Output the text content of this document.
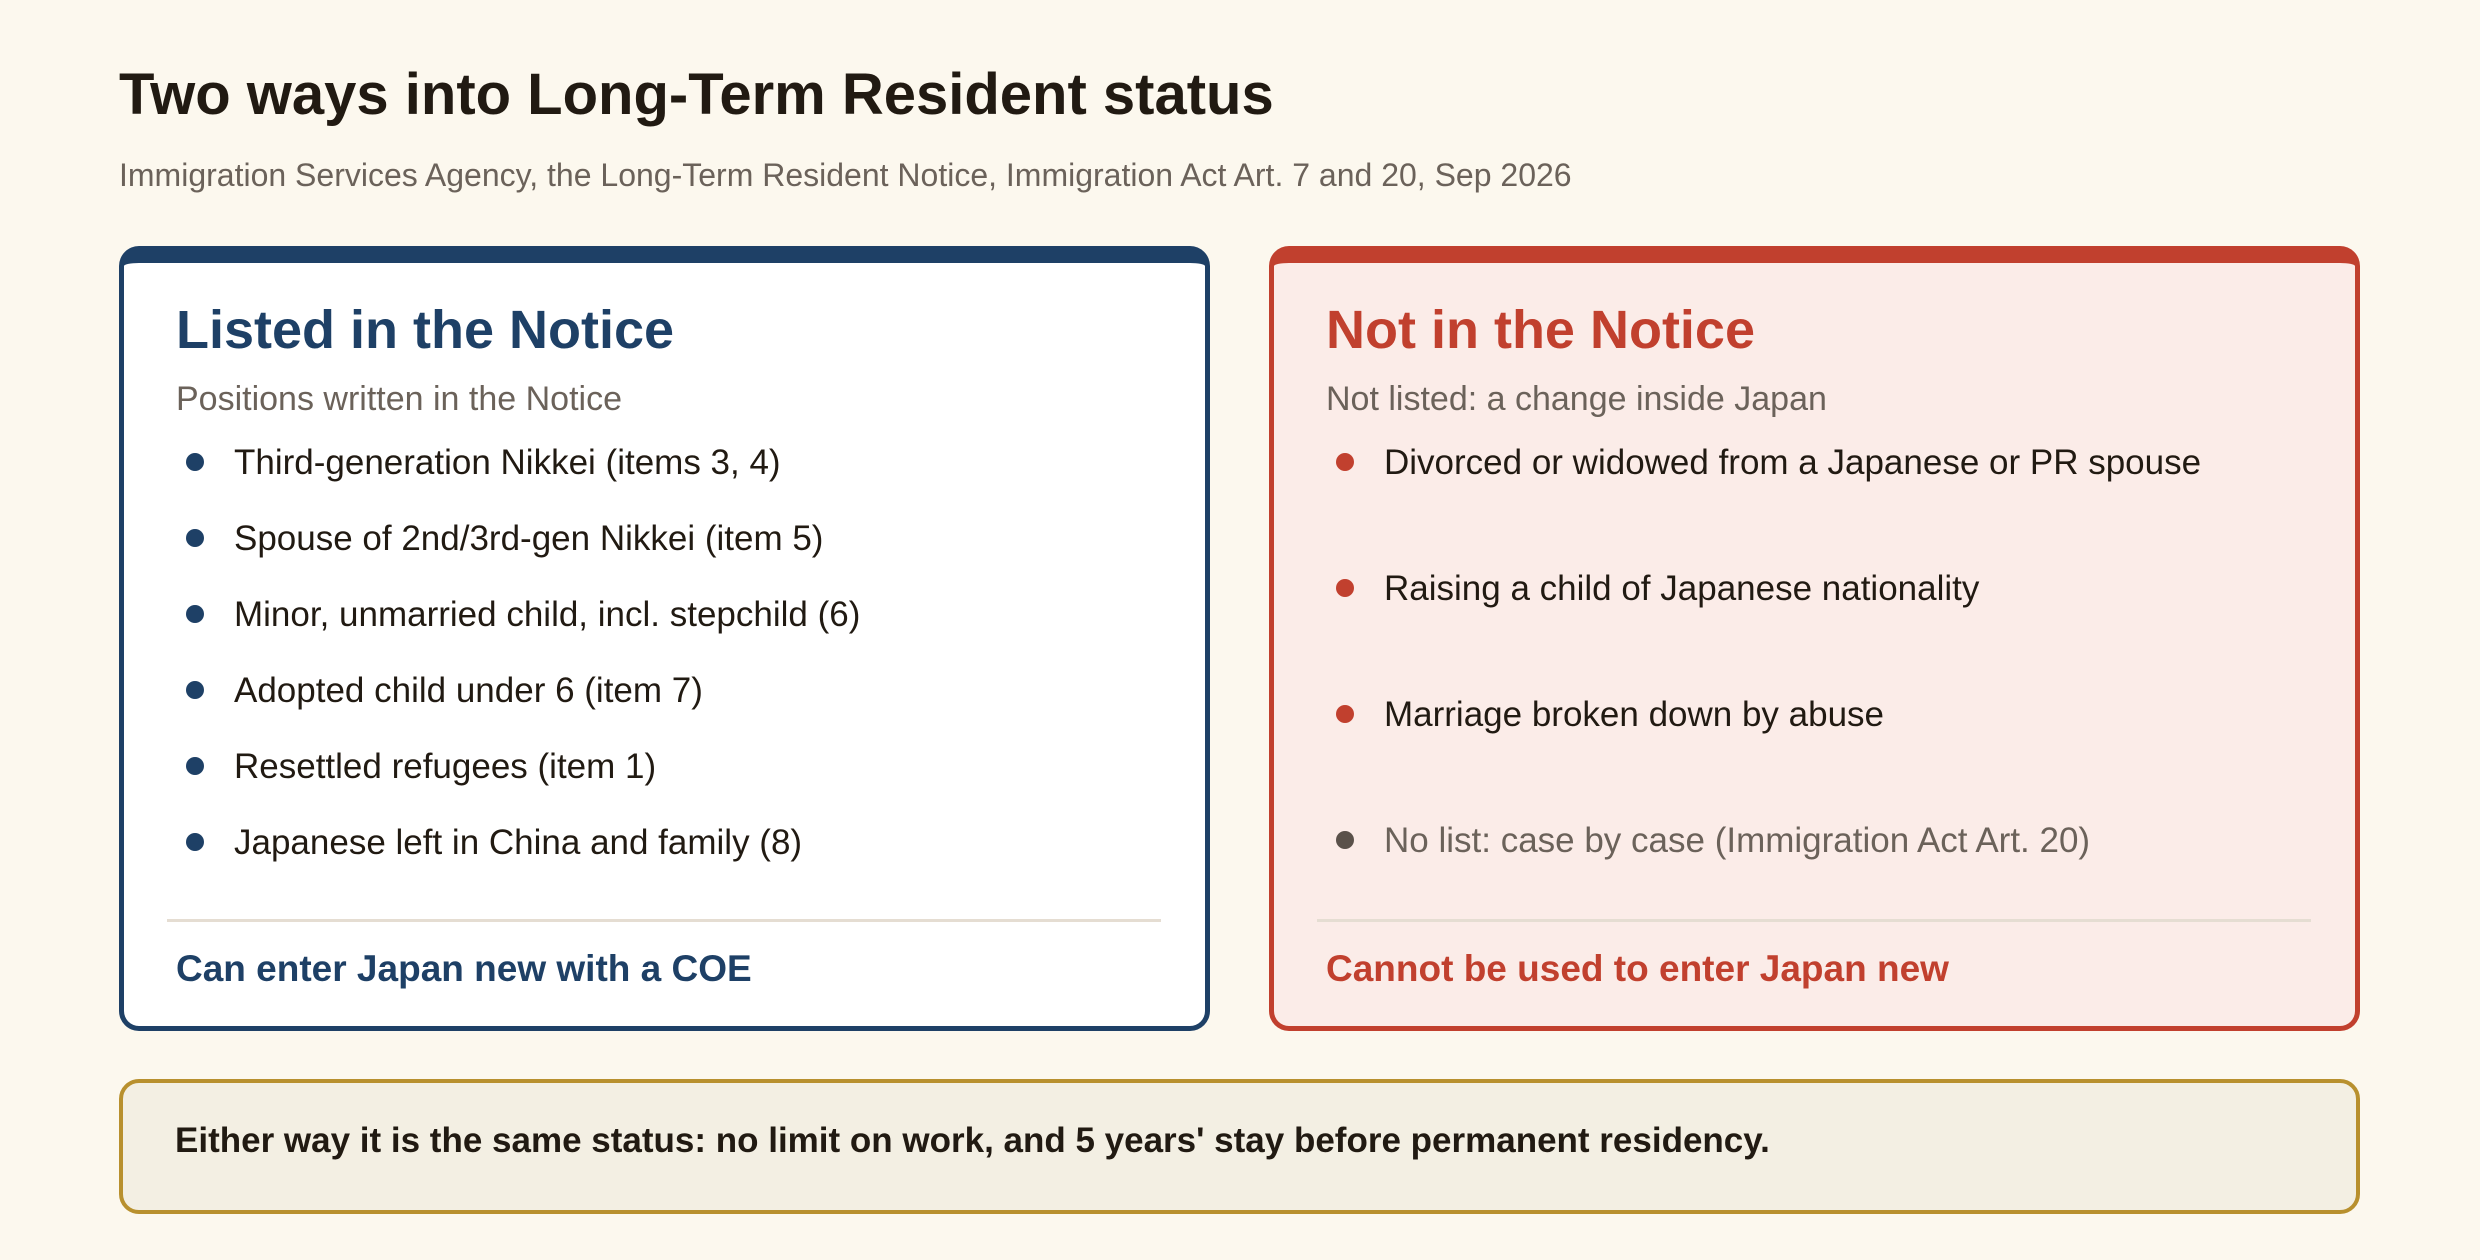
Two ways into Long-Term Resident status
Immigration Services Agency, the Long-Term Resident Notice, Immigration Act Art. 7 and 20, Sep 2026
Listed in the Notice
Positions written in the Notice
Third-generation Nikkei (items 3, 4)
Spouse of 2nd/3rd-gen Nikkei (item 5)
Minor, unmarried child, incl. stepchild (6)
Adopted child under 6 (item 7)
Resettled refugees (item 1)
Japanese left in China and family (8)
Can enter Japan new with a COE
Not in the Notice
Not listed: a change inside Japan
Divorced or widowed from a Japanese or PR spouse
Raising a child of Japanese nationality
Marriage broken down by abuse
No list: case by case (Immigration Act Art. 20)
Cannot be used to enter Japan new
Either way it is the same status: no limit on work, and 5 years' stay before permanent residency.
